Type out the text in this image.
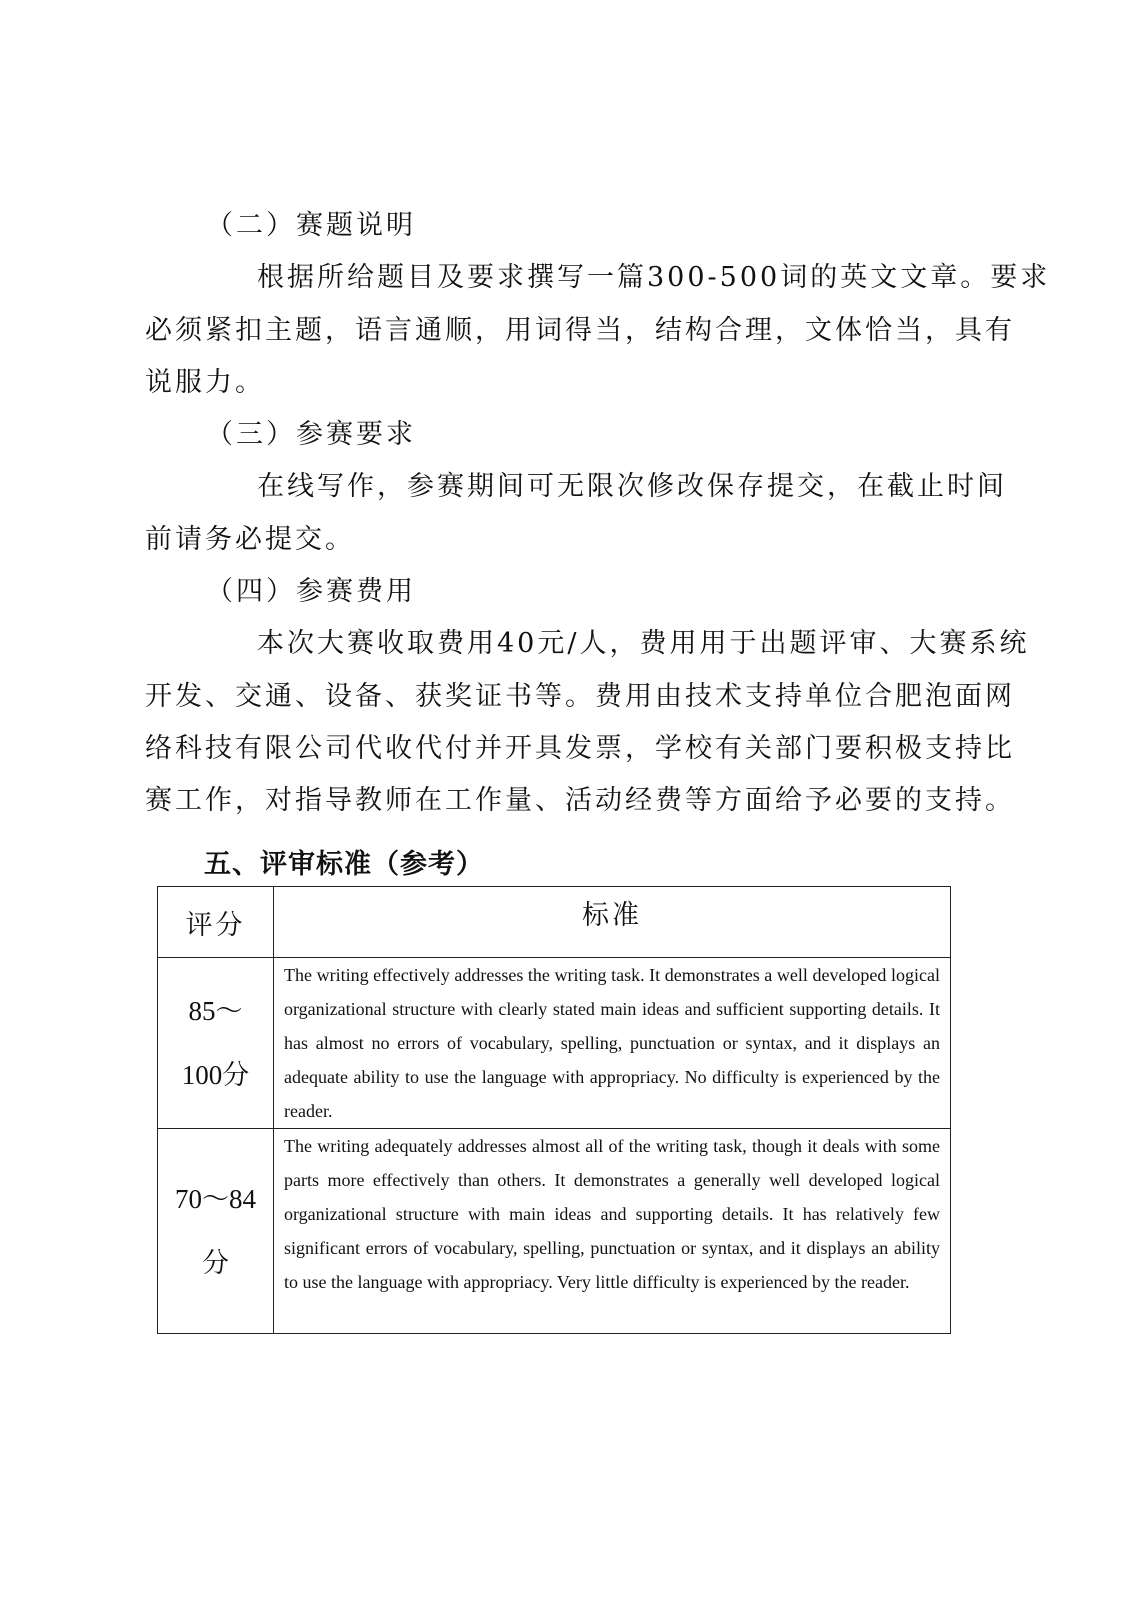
（二）赛题说明
根据所给题目及要求撰写一篇300-500词的英文文章。要求
必须紧扣主题，语言通顺，用词得当，结构合理，文体恰当，具有
说服力。
（三）参赛要求
在线写作，参赛期间可无限次修改保存提交，在截止时间
前请务必提交。
（四）参赛费用
本次大赛收取费用40元/人，费用用于出题评审、大赛系统
开发、交通、设备、获奖证书等。费用由技术支持单位合肥泡面网
络科技有限公司代收代付并开具发票，学校有关部门要积极支持比
赛工作，对指导教师在工作量、活动经费等方面给予必要的支持。
五、评审标准（参考）
评分	标准

85～
100分	The writing effectively addresses the writing task. It demonstrates a well developed logical organizational structure with clearly stated main ideas and sufficient supporting details. It has almost no errors of vocabulary, spelling, punctuation or syntax, and it displays an adequate ability to use the language with appropriacy. No difficulty is experienced by the reader.

70～84
分	The writing adequately addresses almost all of the writing task, though it deals with some parts more effectively than others. It demonstrates a generally well developed logical organizational structure with main ideas and supporting details. It has relatively few significant errors of vocabulary, spelling, punctuation or syntax, and it displays an ability to use the language with appropriacy. Very little difficulty is experienced by the reader.
